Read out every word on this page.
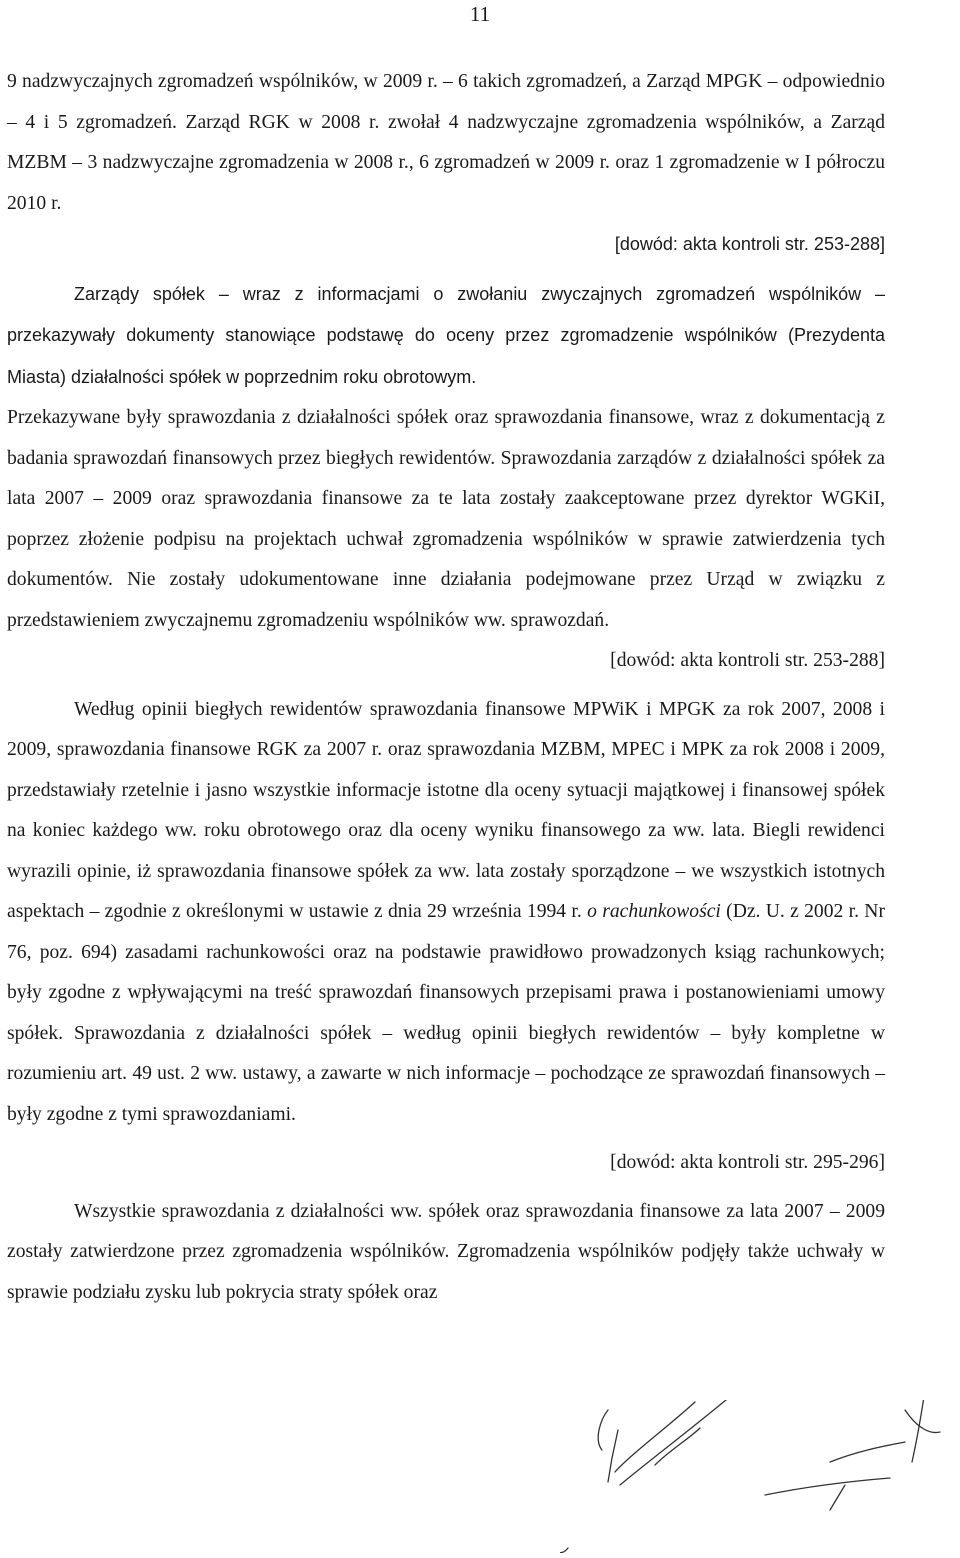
11

9 nadzwyczajnych zgromadzeń wspólników, w 2009 r. – 6 takich zgromadzeń, a Zarząd MPGK – odpowiednio – 4 i 5 zgromadzeń. Zarząd RGK w 2008 r. zwołał 4 nadzwyczajne zgromadzenia wspólników, a Zarząd MZBM – 3 nadzwyczajne zgromadzenia w 2008 r., 6 zgromadzeń w 2009 r. oraz 1 zgromadzenie w I półroczu 2010 r.

[dowód: akta kontroli str. 253-288]

Zarządy spółek – wraz z informacjami o zwołaniu zwyczajnych zgromadzeń wspólników – przekazywały dokumenty stanowiące podstawę do oceny przez zgromadzenie wspólników (Prezydenta Miasta) działalności spółek w poprzednim roku obrotowym.

Przekazywane były sprawozdania z działalności spółek oraz sprawozdania finansowe, wraz z dokumentacją z badania sprawozdań finansowych przez biegłych rewidentów. Sprawozdania zarządów z działalności spółek za lata 2007 – 2009 oraz sprawozdania finansowe za te lata zostały zaakceptowane przez dyrektor WGKiI, poprzez złożenie podpisu na projektach uchwał zgromadzenia wspólników w sprawie zatwierdzenia tych dokumentów. Nie zostały udokumentowane inne działania podejmowane przez Urząd w związku z przedstawieniem zwyczajnemu zgromadzeniu wspólników ww. sprawozdań.

[dowód: akta kontroli str. 253-288]

Według opinii biegłych rewidentów sprawozdania finansowe MPWiK i MPGK za rok 2007, 2008 i 2009, sprawozdania finansowe RGK za 2007 r. oraz sprawozdania MZBM, MPEC i MPK za rok 2008 i 2009, przedstawiały rzetelnie i jasno wszystkie informacje istotne dla oceny sytuacji majątkowej i finansowej spółek na koniec każdego ww. roku obrotowego oraz dla oceny wyniku finansowego za ww. lata. Biegli rewidenci wyrazili opinie, iż sprawozdania finansowe spółek za ww. lata zostały sporządzone – we wszystkich istotnych aspektach – zgodnie z określonymi w ustawie z dnia 29 września 1994 r. o rachunkowości (Dz. U. z 2002 r. Nr 76, poz. 694) zasadami rachunkowości oraz na podstawie prawidłowo prowadzonych ksiąg rachunkowych; były zgodne z wpływającymi na treść sprawozdań finansowych przepisami prawa i postanowieniami umowy spółek. Sprawozdania z działalności spółek – według opinii biegłych rewidentów – były kompletne w rozumieniu art. 49 ust. 2 ww. ustawy, a zawarte w nich informacje – pochodzące ze sprawozdań finansowych – były zgodne z tymi sprawozdaniami.

[dowód: akta kontroli str. 295-296]

Wszystkie sprawozdania z działalności ww. spółek oraz sprawozdania finansowe za lata 2007 – 2009 zostały zatwierdzone przez zgromadzenia wspólników. Zgromadzenia wspólników podjęły także uchwały w sprawie podziału zysku lub pokrycia straty spółek oraz
